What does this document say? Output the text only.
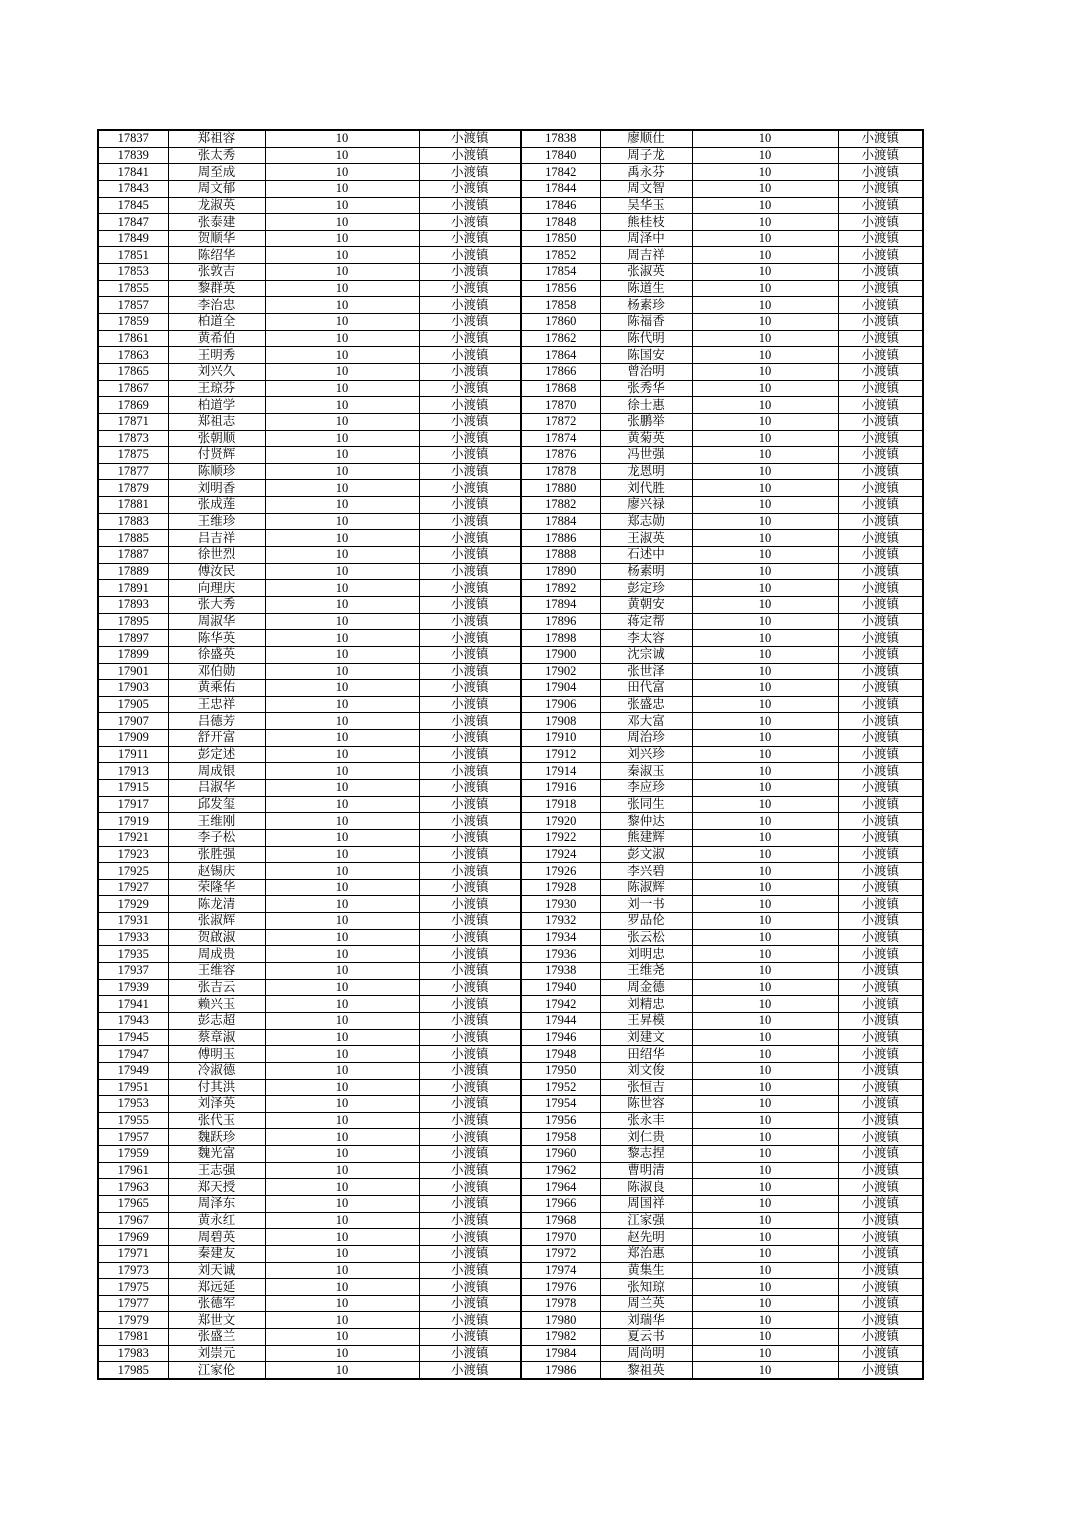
17837	郑祖容	10	小渡镇	17838	廖顺仕	10	小渡镇
17839	张太秀	10	小渡镇	17840	周子龙	10	小渡镇
17841	周至成	10	小渡镇	17842	禹永芬	10	小渡镇
17843	周文郁	10	小渡镇	17844	周文智	10	小渡镇
17845	龙淑英	10	小渡镇	17846	吴华玉	10	小渡镇
17847	张泰建	10	小渡镇	17848	熊桂枝	10	小渡镇
17849	贺顺华	10	小渡镇	17850	周泽中	10	小渡镇
17851	陈绍华	10	小渡镇	17852	周吉祥	10	小渡镇
17853	张敦吉	10	小渡镇	17854	张淑英	10	小渡镇
17855	黎群英	10	小渡镇	17856	陈道生	10	小渡镇
17857	李治忠	10	小渡镇	17858	杨素珍	10	小渡镇
17859	柏道全	10	小渡镇	17860	陈福香	10	小渡镇
17861	黄希伯	10	小渡镇	17862	陈代明	10	小渡镇
17863	王明秀	10	小渡镇	17864	陈国安	10	小渡镇
17865	刘兴久	10	小渡镇	17866	曾治明	10	小渡镇
17867	王琼芬	10	小渡镇	17868	张秀华	10	小渡镇
17869	柏道学	10	小渡镇	17870	徐士惠	10	小渡镇
17871	郑祖志	10	小渡镇	17872	张鹏举	10	小渡镇
17873	张朝顺	10	小渡镇	17874	黄菊英	10	小渡镇
17875	付贤辉	10	小渡镇	17876	冯世强	10	小渡镇
17877	陈顺珍	10	小渡镇	17878	龙恩明	10	小渡镇
17879	刘明香	10	小渡镇	17880	刘代胜	10	小渡镇
17881	张成莲	10	小渡镇	17882	廖兴禄	10	小渡镇
17883	王维珍	10	小渡镇	17884	郑志勋	10	小渡镇
17885	吕吉祥	10	小渡镇	17886	王淑英	10	小渡镇
17887	徐世烈	10	小渡镇	17888	石述中	10	小渡镇
17889	傅汝民	10	小渡镇	17890	杨素明	10	小渡镇
17891	向理庆	10	小渡镇	17892	彭定珍	10	小渡镇
17893	张大秀	10	小渡镇	17894	黄朝安	10	小渡镇
17895	周淑华	10	小渡镇	17896	蒋定帮	10	小渡镇
17897	陈华英	10	小渡镇	17898	李太容	10	小渡镇
17899	徐盛英	10	小渡镇	17900	沈宗诚	10	小渡镇
17901	邓伯勋	10	小渡镇	17902	张世泽	10	小渡镇
17903	黄乘佑	10	小渡镇	17904	田代富	10	小渡镇
17905	王忠祥	10	小渡镇	17906	张盛忠	10	小渡镇
17907	吕德芳	10	小渡镇	17908	邓大富	10	小渡镇
17909	舒开富	10	小渡镇	17910	周治珍	10	小渡镇
17911	彭定述	10	小渡镇	17912	刘兴珍	10	小渡镇
17913	周成银	10	小渡镇	17914	秦淑玉	10	小渡镇
17915	吕淑华	10	小渡镇	17916	李应珍	10	小渡镇
17917	邱发玺	10	小渡镇	17918	张同生	10	小渡镇
17919	王维刚	10	小渡镇	17920	黎仲达	10	小渡镇
17921	李子松	10	小渡镇	17922	熊建辉	10	小渡镇
17923	张胜强	10	小渡镇	17924	彭文淑	10	小渡镇
17925	赵锡庆	10	小渡镇	17926	李兴碧	10	小渡镇
17927	荣隆华	10	小渡镇	17928	陈淑辉	10	小渡镇
17929	陈龙清	10	小渡镇	17930	刘一书	10	小渡镇
17931	张淑辉	10	小渡镇	17932	罗品伦	10	小渡镇
17933	贺啟淑	10	小渡镇	17934	张云松	10	小渡镇
17935	周成贵	10	小渡镇	17936	刘明忠	10	小渡镇
17937	王维容	10	小渡镇	17938	王维尧	10	小渡镇
17939	张吉云	10	小渡镇	17940	周金德	10	小渡镇
17941	赖兴玉	10	小渡镇	17942	刘精忠	10	小渡镇
17943	彭志超	10	小渡镇	17944	王昇模	10	小渡镇
17945	蔡章淑	10	小渡镇	17946	刘建文	10	小渡镇
17947	傅明玉	10	小渡镇	17948	田绍华	10	小渡镇
17949	冷淑德	10	小渡镇	17950	刘文俊	10	小渡镇
17951	付其洪	10	小渡镇	17952	张恒吉	10	小渡镇
17953	刘泽英	10	小渡镇	17954	陈世容	10	小渡镇
17955	张代玉	10	小渡镇	17956	张永丰	10	小渡镇
17957	魏跃珍	10	小渡镇	17958	刘仁贵	10	小渡镇
17959	魏光富	10	小渡镇	17960	黎志捏	10	小渡镇
17961	王志强	10	小渡镇	17962	曹明清	10	小渡镇
17963	郑天授	10	小渡镇	17964	陈淑良	10	小渡镇
17965	周泽东	10	小渡镇	17966	周国祥	10	小渡镇
17967	黄永红	10	小渡镇	17968	江家强	10	小渡镇
17969	周碧英	10	小渡镇	17970	赵先明	10	小渡镇
17971	秦建友	10	小渡镇	17972	郑治惠	10	小渡镇
17973	刘天诚	10	小渡镇	17974	黄集生	10	小渡镇
17975	郑远延	10	小渡镇	17976	张知琼	10	小渡镇
17977	张德军	10	小渡镇	17978	周兰英	10	小渡镇
17979	郑世文	10	小渡镇	17980	刘瑞华	10	小渡镇
17981	张盛兰	10	小渡镇	17982	夏云书	10	小渡镇
17983	刘崇元	10	小渡镇	17984	周尚明	10	小渡镇
17985	江家伦	10	小渡镇	17986	黎祖英	10	小渡镇
